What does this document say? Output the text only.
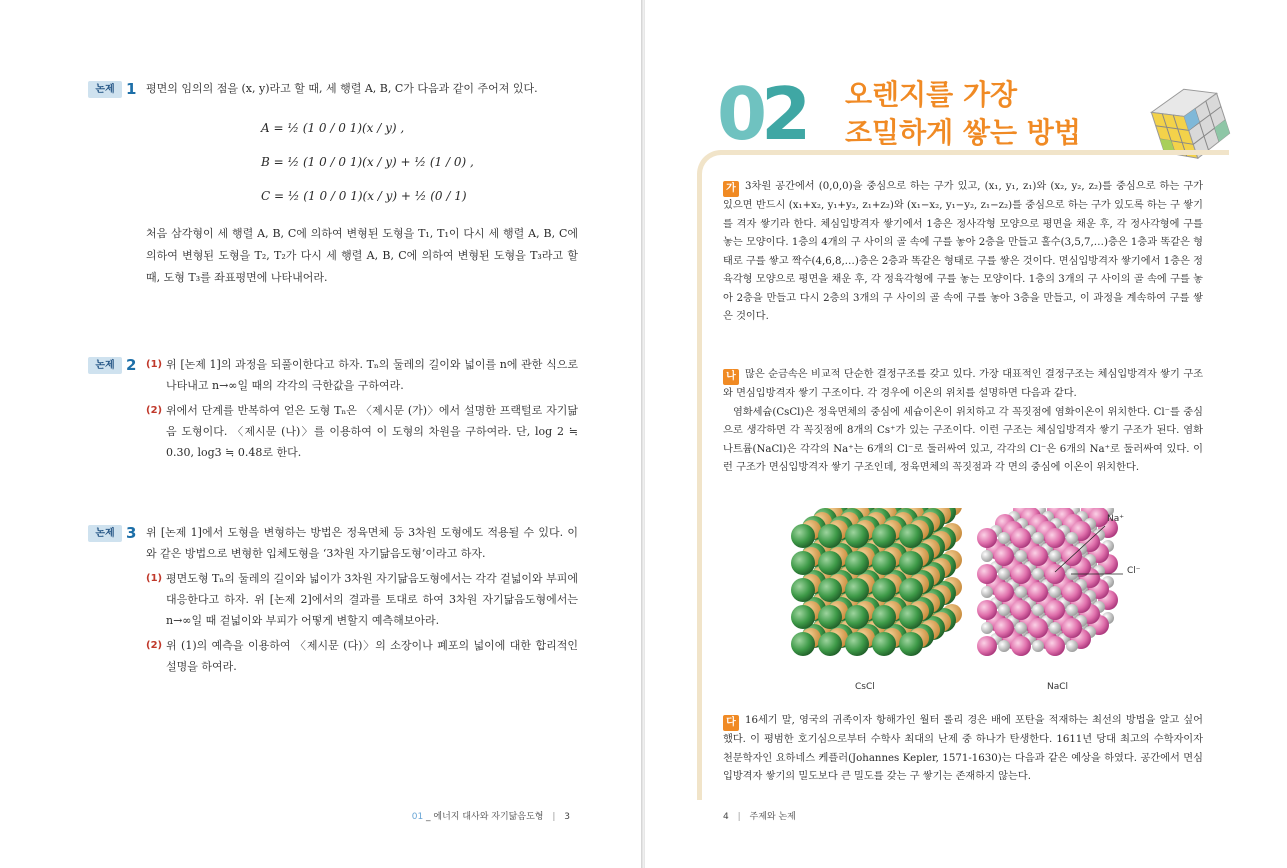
논제 1 평면의 임의의 점을 (x, y)라고 할 때, 세 행렬 A, B, C가 다음과 같이 주어져 있다.

A = ½ (1 0 / 0 1)(x / y) ,
B = ½ (1 0 / 0 1)(x / y) + ½ (1 / 0) ,
C = ½ (1 0 / 0 1)(x / y) + ½ (0 / 1)

처음 삼각형이 세 행렬 A, B, C에 의하여 변형된 도형을 T₁, T₁이 다시 세 행렬 A, B, C에 의하여 변형된 도형을 T₂, T₂가 다시 세 행렬 A, B, C에 의하여 변형된 도형을 T₃라고 할 때, 도형 T₃를 좌표평면에 나타내어라.

논제 2 (1) 위 [논제 1]의 과정을 되풀이한다고 하자. Tₙ의 둘레의 길이와 넓이를 n에 관한 식으로 나타내고 n→∞일 때의 각각의 극한값을 구하여라.
(2) 위에서 단계를 반복하여 얻은 도형 Tₙ은 〈제시문 (가)〉에서 설명한 프랙털로 자기닮음 도형이다. 〈제시문 (나)〉를 이용하여 이 도형의 차원을 구하여라. 단, log 2 ≒ 0.30, log3 ≒ 0.48로 한다.
논제 3 위 [논제 1]에서 도형을 변형하는 방법은 정육면체 등 3차원 도형에도 적용될 수 있다. 이와 같은 방법으로 변형한 입체도형을 ‘3차원 자기닮음도형’이라고 하자.

(1) 평면도형 Tₙ의 둘레의 길이와 넓이가 3차원 자기닮음도형에서는 각각 겉넓이와 부피에 대응한다고 하자. 위 [논제 2]에서의 결과를 토대로 하여 3차원 자기닮음도형에서는 n→∞일 때 겉넓이와 부피가 어떻게 변할지 예측해보아라.
(2) 위 (1)의 예측을 이용하여 〈제시문 (다)〉의 소장이나 폐포의 넓이에 대한 합리적인 설명을 하여라.
01 _ 에너지 대사와 자기닮음도형 | 3
02 오렌지를 가장
조밀하게 쌓는 방법
가 3차원 공간에서 (0,0,0)을 중심으로 하는 구가 있고, (x₁, y₁, z₁)와 (x₂, y₂, z₂)를 중심으로 하는 구가 있으면 반드시 (x₁+x₂, y₁+y₂, z₁+z₂)와 (x₁−x₂, y₁−y₂, z₁−z₂)를 중심으로 하는 구가 있도록 하는 구 쌓기를 격자 쌓기라 한다. 체심입방격자 쌓기에서 1층은 정사각형 모양으로 평면을 채운 후, 각 정사각형에 구를 놓는 모양이다. 1층의 4개의 구 사이의 골 속에 구를 놓아 2층을 만들고 홀수(3,5,7,…)층은 1층과 똑같은 형태로 구를 쌓고 짝수(4,6,8,…)층은 2층과 똑같은 형태로 구를 쌓은 것이다. 면심입방격자 쌓기에서 1층은 정육각형 모양으로 평면을 채운 후, 각 정육각형에 구를 놓는 모양이다. 1층의 3개의 구 사이의 골 속에 구를 놓아 2층을 만들고 다시 2층의 3개의 구 사이의 골 속에 구를 놓아 3층을 만들고, 이 과정을 계속하여 구를 쌓은 것이다.
나 많은 순금속은 비교적 단순한 결정구조를 갖고 있다. 가장 대표적인 결정구조는 체심입방격자 쌓기 구조와 면심입방격자 쌓기 구조이다. 각 경우에 이온의 위치를 설명하면 다음과 같다.
염화세슘(CsCl)은 정육면체의 중심에 세슘이온이 위치하고 각 꼭짓점에 염화이온이 위치한다. Cl⁻를 중심으로 생각하면 각 꼭짓점에 8개의 Cs⁺가 있는 구조이다. 이런 구조는 체심입방격자 쌓기 구조가 된다. 염화나트륨(NaCl)은 각각의 Na⁺는 6개의 Cl⁻로 둘러싸여 있고, 각각의 Cl⁻은 6개의 Na⁺로 둘러싸여 있다. 이런 구조가 면심입방격자 쌓기 구조인데, 정육면체의 꼭짓점과 각 면의 중심에 이온이 위치한다.
CsCl	NaCl
Na⁺
Cl⁻
다 16세기 말, 영국의 귀족이자 항해가인 월터 롤리 경은 배에 포탄을 적재하는 최선의 방법을 알고 싶어 했다. 이 평범한 호기심으로부터 수학사 최대의 난제 중 하나가 탄생한다. 1611년 당대 최고의 수학자이자 천문학자인 요하네스 케플러(Johannes Kepler, 1571-1630)는 다음과 같은 예상을 하였다. 공간에서 면심입방격자 쌓기의 밀도보다 큰 밀도를 갖는 구 쌓기는 존재하지 않는다.
4 | 주제와 논제
